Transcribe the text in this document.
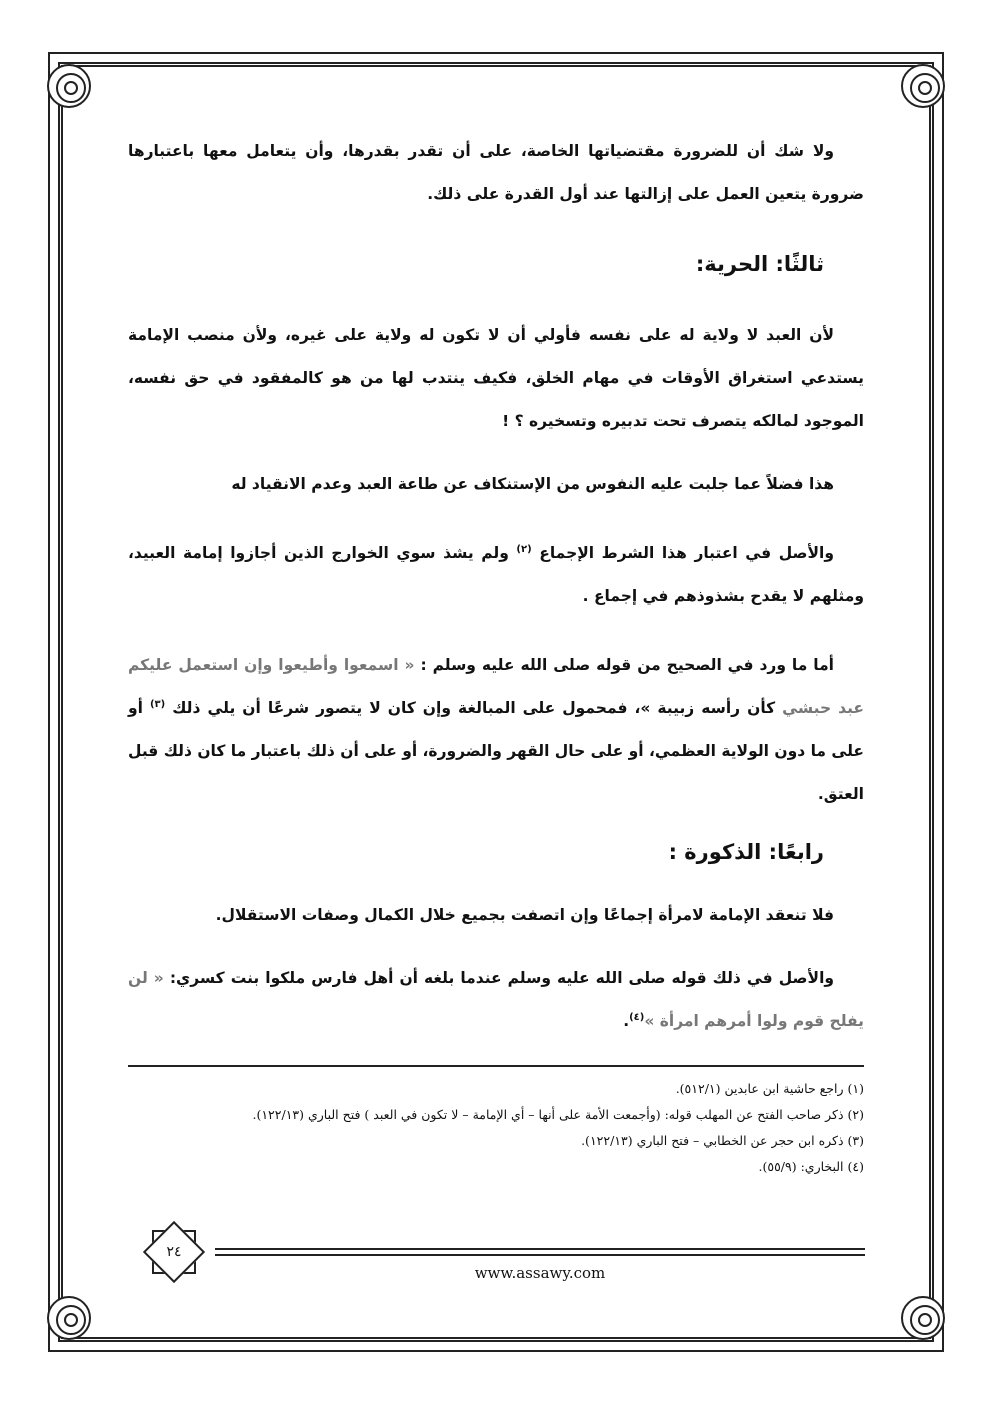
ولا شك أن للضرورة مقتضياتها الخاصة، على أن تقدر بقدرها، وأن يتعامل معها باعتبارها ضرورة يتعين العمل على إزالتها عند أول القدرة على ذلك.

ثالثًا: الحرية:

لأن العبد لا ولاية له على نفسه فأولي أن لا تكون له ولاية على غيره، ولأن منصب الإمامة يستدعي استغراق الأوقات في مهام الخلق، فكيف ينتدب لها من هو كالمفقود في حق نفسه، الموجود لمالكه يتصرف تحت تدبيره وتسخيره ؟ !

هذا فضلاً عما جلبت عليه النفوس من الإستنكاف عن طاعة العبد وعدم الانقياد له

والأصل في اعتبار هذا الشرط الإجماع $^{(٢)}$ ولم يشذ سوي الخوارج الذين أجازوا إمامة العبيد، ومثلهم لا يقدح بشذوذهم في إجماع .

أما ما ورد في الصحيح من قوله صلى الله عليه وسلم : « اسمعوا وأطيعوا وإن استعمل عليكم عبد حبشي كأن رأسه زبيبة »، فمحمول على المبالغة وإن كان لا يتصور شرعًا أن يلي ذلك $^{(٣)}$ أو على ما دون الولاية العظمي، أو على حال القهر والضرورة، أو على أن ذلك باعتبار ما كان ذلك قبل العتق.

رابعًا: الذكورة :

فلا تنعقد الإمامة لامرأة إجماعًا وإن اتصفت بجميع خلال الكمال وصفات الاستقلال.

والأصل في ذلك قوله صلى الله عليه وسلم عندما بلغه أن أهل فارس ملكوا بنت كسري: « لن يفلح قوم ولوا أمرهم امرأة »$^{(٤)}$.

(١) راجع حاشية ابن عابدين (٥١٢/١).
(٢) ذكر صاحب الفتح عن المهلب قوله: (وأجمعت الأمة على أنها – أي الإمامة – لا تكون في العبد ) فتح الباري (١٢٢/١٣).
(٣) ذكره ابن حجر عن الخطابي – فتح الباري (١٢٢/١٣).
(٤) البخاري: (٥٥/٩).
٢٤
www.assawy.com
